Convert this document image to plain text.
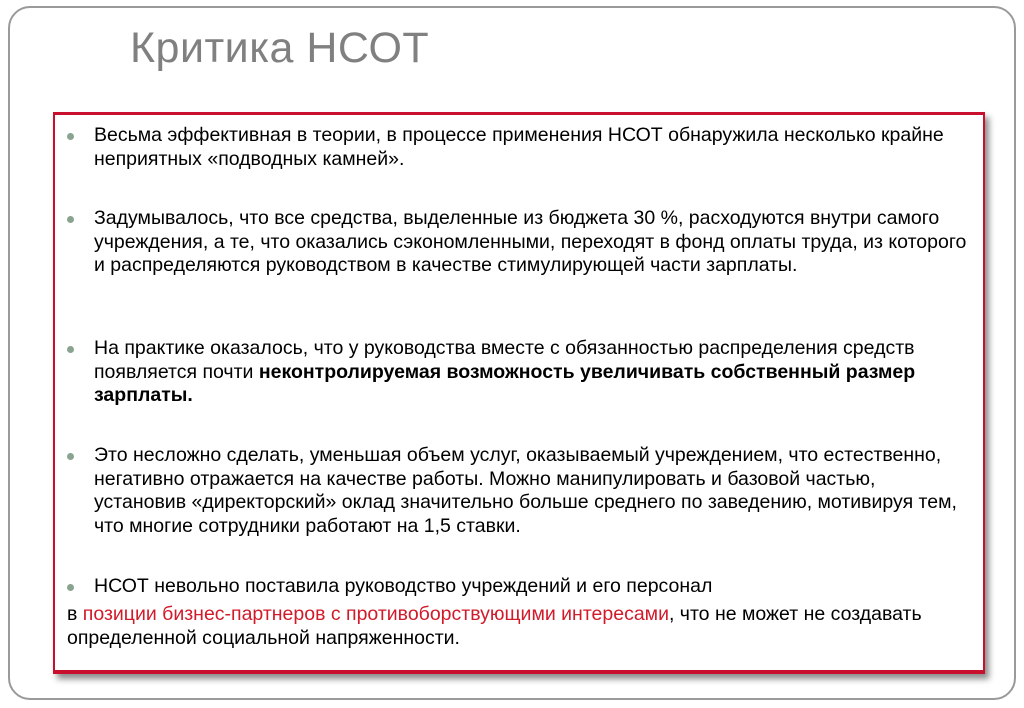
Критика НСОТ
Весьма эффективная в теории, в процессе применения НСОТ обнаружила несколько крайне неприятных «подводных камней».
Задумывалось, что все средства, выделенные из бюджета 30 %, расходуются внутри самого учреждения, а те, что оказались сэкономленными, переходят в фонд оплаты труда, из которого и распределяются руководством в качестве стимулирующей части зарплаты.
На практике оказалось, что у руководства вместе с обязанностью распределения средств появляется почти неконтролируемая возможность увеличивать собственный размер зарплаты.
Это несложно сделать, уменьшая объем услуг, оказываемый учреждением, что естественно, негативно отражается на качестве работы. Можно манипулировать и базовой частью, установив «директорский» оклад значительно больше среднего по заведению, мотивируя тем, что многие сотрудники работают на 1,5 ставки.
НСОТ невольно поставила руководство учреждений и его персонал
в позиции бизнес-партнеров с противоборствующими интересами, что не может не создавать определенной социальной напряженности.
